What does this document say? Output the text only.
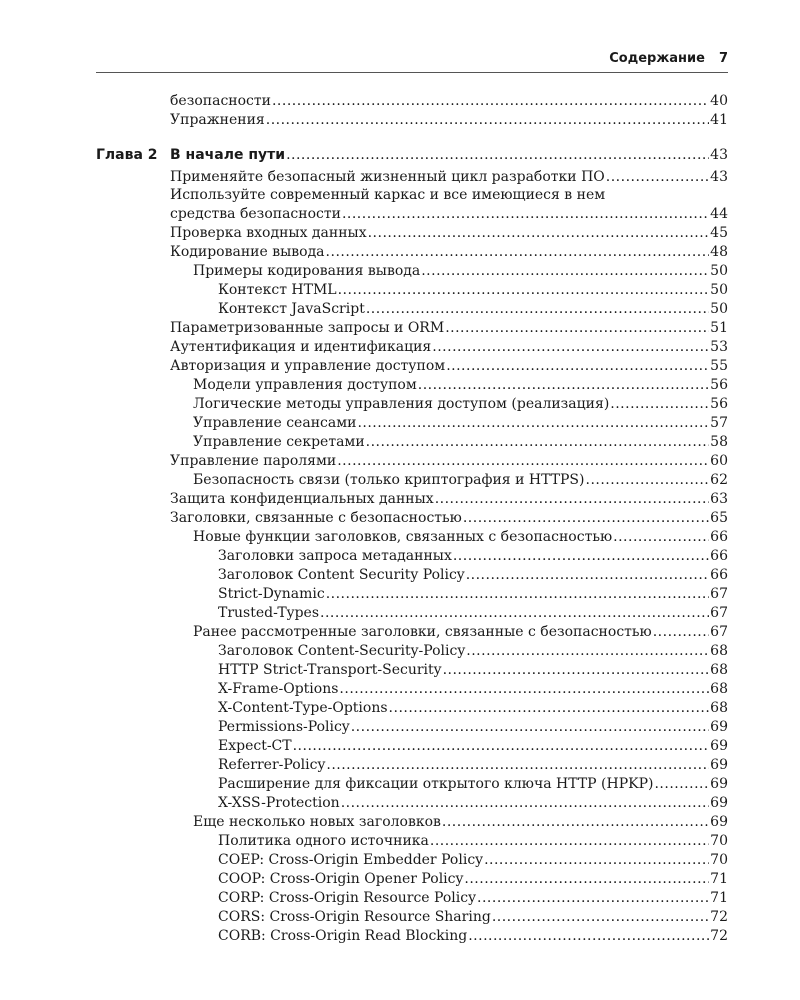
Содержание 7
безопасности .....	40
Упражнения .....	41
Глава 2 В начале пути .....	43
Применяйте безопасный жизненный цикл разработки ПО .....	43
Используйте современный каркас и все имеющиеся в нем
средства безопасности .....	44
Проверка входных данных .....	45
Кодирование вывода .....	48
Примеры кодирования вывода .....	50
Контекст HTML .....	50
Контекст JavaScript .....	50
Параметризованные запросы и ORM .....	51
Аутентификация и идентификация .....	53
Авторизация и управление доступом .....	55
Модели управления доступом .....	56
Логические методы управления доступом (реализация) .....	56
Управление сеансами .....	57
Управление секретами .....	58
Управление паролями .....	60
Безопасность связи (только криптография и HTTPS) .....	62
Защита конфиденциальных данных .....	63
Заголовки, связанные с безопасностью .....	65
Новые функции заголовков, связанных с безопасностью .....	66
Заголовки запроса метаданных .....	66
Заголовок Content Security Policy .....	66
Strict-Dynamic .....	67
Trusted-Types .....	67
Ранее рассмотренные заголовки, связанные с безопасностью .....	67
Заголовок Content-Security-Policy .....	68
HTTP Strict-Transport-Security .....	68
X-Frame-Options .....	68
X-Content-Type-Options .....	68
Permissions-Policy .....	69
Expect-CT .....	69
Referrer-Policy .....	69
Расширение для фиксации открытого ключа HTTP (HPKP) .....	69
X-XSS-Protection .....	69
Еще несколько новых заголовков .....	69
Политика одного источника .....	70
COEP: Cross-Origin Embedder Policy .....	70
COOP: Cross-Origin Opener Policy .....	71
CORP: Cross-Origin Resource Policy .....	71
CORS: Cross-Origin Resource Sharing .....	72
CORB: Cross-Origin Read Blocking .....	72
